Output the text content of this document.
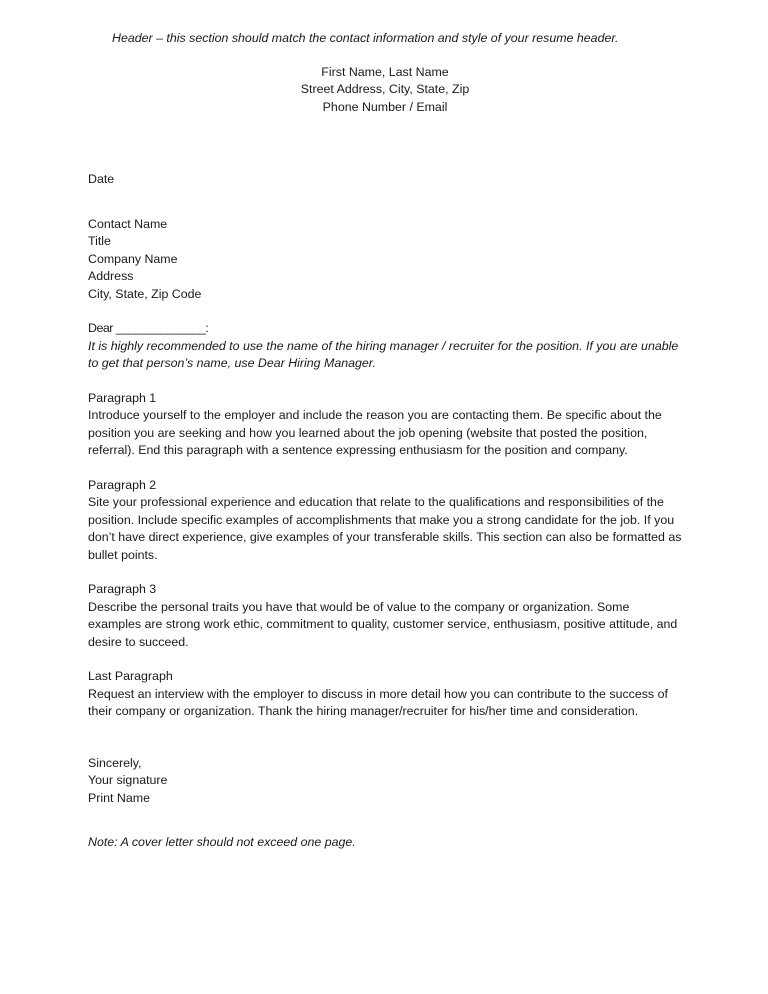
Header – this section should match the contact information and style of your resume header.

First Name, Last Name

Street Address, City, State, Zip

Phone Number / Email

Date

Contact Name

Title

Company Name

Address

City, State, Zip Code

Dear ______________:

It is highly recommended to use the name of the hiring manager / recruiter for the position. If you are unable to get that person’s name, use Dear Hiring Manager.

Paragraph 1

Introduce yourself to the employer and include the reason you are contacting them. Be specific about the position you are seeking and how you learned about the job opening (website that posted the position, referral). End this paragraph with a sentence expressing enthusiasm for the position and company.

Paragraph 2

Site your professional experience and education that relate to the qualifications and responsibilities of the position. Include specific examples of accomplishments that make you a strong candidate for the job. If you don’t have direct experience, give examples of your transferable skills. This section can also be formatted as bullet points.

Paragraph 3

Describe the personal traits you have that would be of value to the company or organization. Some examples are strong work ethic, commitment to quality, customer service, enthusiasm, positive attitude, and desire to succeed.

Last Paragraph

Request an interview with the employer to discuss in more detail how you can contribute to the success of their company or organization. Thank the hiring manager/recruiter for his/her time and consideration.

Sincerely,

Your signature

Print Name

Note: A cover letter should not exceed one page.
